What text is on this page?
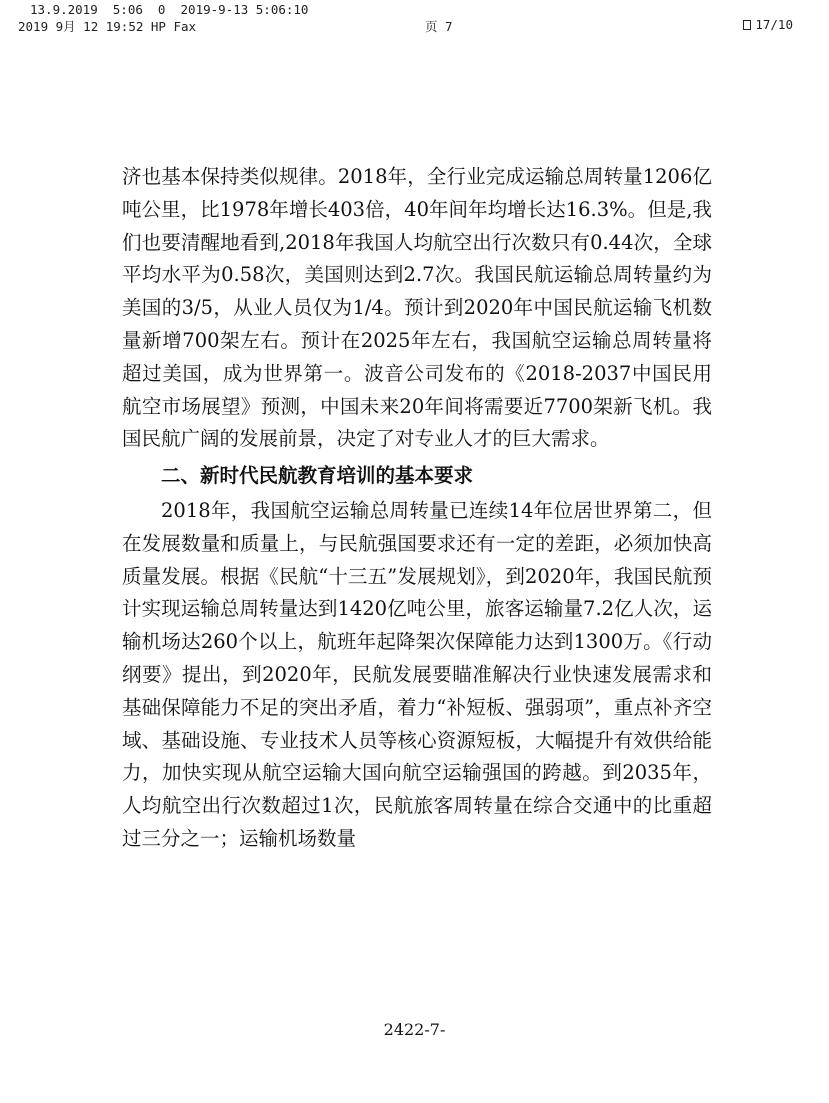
13.9.2019  5:06  0  2019-9-13 5:06:10

17/10

2019 9月 12 19:52 HP Fax	页 7

济也基本保持类似规律。2018年，全行业完成运输总周转量1206亿吨公里，比1978年增长403倍，40年间年均增长达16.3%。但是,我们也要清醒地看到,2018年我国人均航空出行次数只有0.44次，全球平均水平为0.58次，美国则达到2.7次。我国民航运输总周转量约为美国的3/5，从业人员仅为1/4。预计到2020年中国民航运输飞机数量新增700架左右。预计在2025年左右，我国航空运输总周转量将超过美国，成为世界第一。波音公司发布的《2018-2037中国民用航空市场展望》预测，中国未来20年间将需要近7700架新飞机。我国民航广阔的发展前景，决定了对专业人才的巨大需求。

二、新时代民航教育培训的基本要求

2018年，我国航空运输总周转量已连续14年位居世界第二，但在发展数量和质量上，与民航强国要求还有一定的差距，必须加快高质量发展。根据《民航“十三五”发展规划》，到2020年，我国民航预计实现运输总周转量达到1420亿吨公里，旅客运输量7.2亿人次，运输机场达260个以上，航班年起降架次保障能力达到1300万。《行动纲要》提出，到2020年，民航发展要瞄准解决行业快速发展需求和基础保障能力不足的突出矛盾，着力“补短板、强弱项”，重点补齐空域、基础设施、专业技术人员等核心资源短板，大幅提升有效供给能力，加快实现从航空运输大国向航空运输强国的跨越。到2035年，人均航空出行次数超过1次，民航旅客周转量在综合交通中的比重超过三分之一；运输机场数量

2422-7-
